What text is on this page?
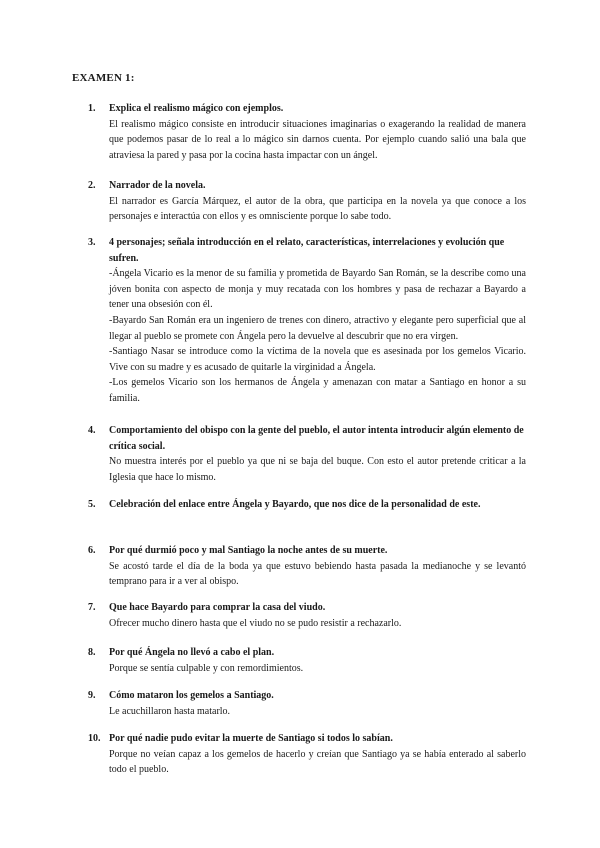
EXAMEN 1:
1. Explica el realismo mágico con ejemplos.

El realismo mágico consiste en introducir situaciones imaginarias o exagerando la realidad de manera que podemos pasar de lo real a lo mágico sin darnos cuenta. Por ejemplo cuando salió una bala que atraviesa la pared y pasa por la cocina hasta impactar con un ángel.

2. Narrador de la novela.

El narrador es García Márquez, el autor de la obra, que participa en la novela ya que conoce a los personajes e interactúa con ellos y es omnisciente porque lo sabe todo.

3. 4 personajes; señala introducción en el relato, características, interrelaciones y evolución que sufren.

-Ángela Vicario es la menor de su familia y prometida de Bayardo San Román, se la describe como una jóven bonita con aspecto de monja y muy recatada con los hombres y pasa de rechazar a Bayardo a tener una obsesión con él.

-Bayardo San Román era un ingeniero de trenes con dinero, atractivo y elegante pero superficial que al llegar al pueblo se promete con Ángela pero la devuelve al descubrir que no era virgen.

-Santiago Nasar se introduce como la víctima de la novela que es asesinada por los gemelos Vicario. Vive con su madre y es acusado de quitarle la virginidad a Ángela.

-Los gemelos Vicario son los hermanos de Ángela y amenazan con matar a Santiago en honor a su familia.

4. Comportamiento del obispo con la gente del pueblo, el autor intenta introducir algún elemento de crítica social.

No muestra interés por el pueblo ya que ni se baja del buque. Con esto el autor pretende criticar a la Iglesia que hace lo mismo.

5. Celebración del enlace entre Ángela y Bayardo, que nos dice de la personalidad de este.
6. Por qué durmió poco y mal Santiago la noche antes de su muerte.

Se acostó tarde el día de la boda ya que estuvo bebiendo hasta pasada la medianoche y se levantó temprano para ir a ver al obispo.

7. Que hace Bayardo para comprar la casa del viudo.

Ofrecer mucho dinero hasta que el viudo no se pudo resistir a rechazarlo.

8. Por qué Ángela no llevó a cabo el plan.

Porque se sentía culpable y con remordimientos.

9. Cómo mataron los gemelos a Santiago.

Le acuchillaron hasta matarlo.

10. Por qué nadie pudo evitar la muerte de Santiago si todos lo sabían.

Porque no veían capaz a los gemelos de hacerlo y creían que Santiago ya se había enterado al saberlo todo el pueblo.
